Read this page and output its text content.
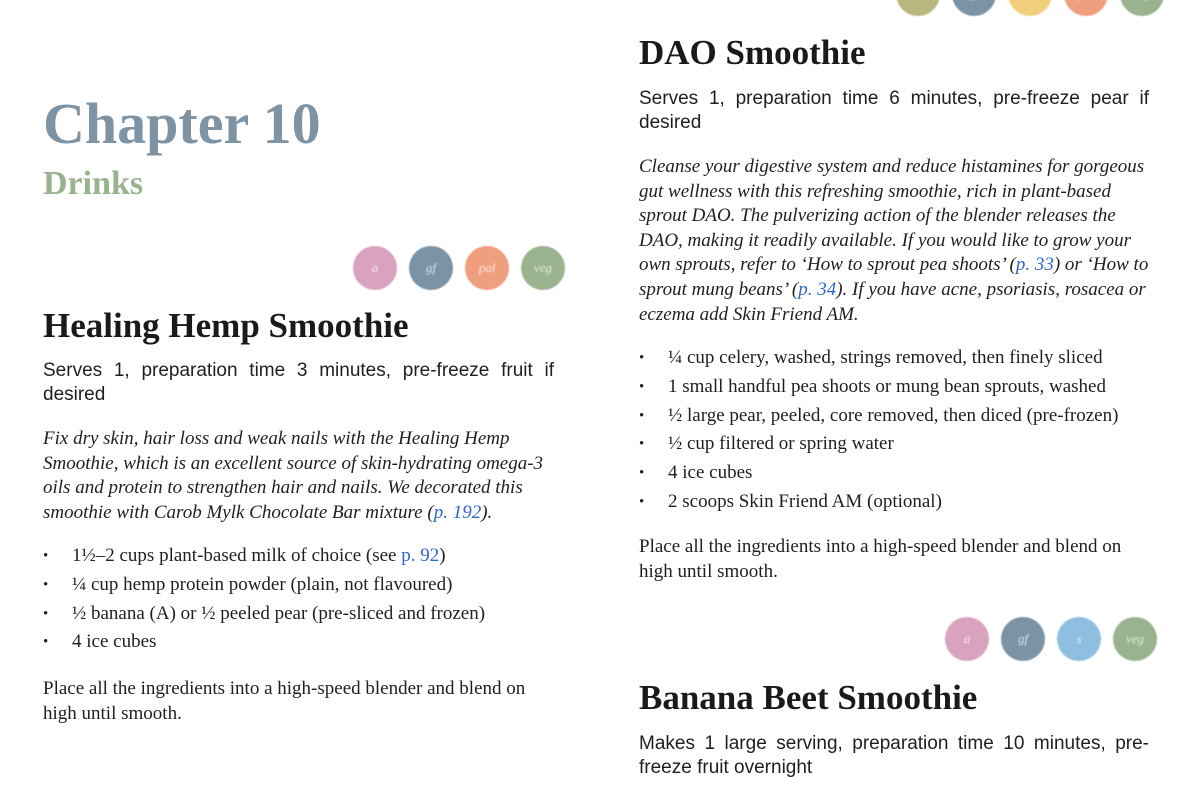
Chapter 10
Drinks
a	gf	pal	veg
Healing Hemp Smoothie
Serves 1, preparation time 3 minutes, pre-freeze fruit if desired
Fix dry skin, hair loss and weak nails with the Healing Hemp Smoothie, which is an excellent source of skin-hydrating omega-3 oils and protein to strengthen hair and nails. We decorated this smoothie with Carob Mylk Chocolate Bar mixture (p. 192).
• 1½–2 cups plant-based milk of choice (see p. 92)
• ¼ cup hemp protein powder (plain, not flavoured)
• ½ banana (A) or ½ peeled pear (pre-sliced and frozen)
• 4 ice cubes
Place all the ingredients into a high-speed blender and blend on high until smooth.
DAO Smoothie
Serves 1, preparation time 6 minutes, pre-freeze pear if desired
Cleanse your digestive system and reduce histamines for gorgeous gut wellness with this refreshing smoothie, rich in plant-based sprout DAO. The pulverizing action of the blender releases the DAO, making it readily available. If you would like to grow your own sprouts, refer to ‘How to sprout pea shoots’ (p. 33) or ‘How to sprout mung beans’ (p. 34). If you have acne, psoriasis, rosacea or eczema add Skin Friend AM.
• ¼ cup celery, washed, strings removed, then finely sliced
• 1 small handful pea shoots or mung bean sprouts, washed
• ½ large pear, peeled, core removed, then diced (pre-frozen)
• ½ cup filtered or spring water
• 4 ice cubes
• 2 scoops Skin Friend AM (optional)
Place all the ingredients into a high-speed blender and blend on high until smooth.
a	gf	s	veg
Banana Beet Smoothie
Makes 1 large serving, preparation time 10 minutes, pre-freeze fruit overnight
